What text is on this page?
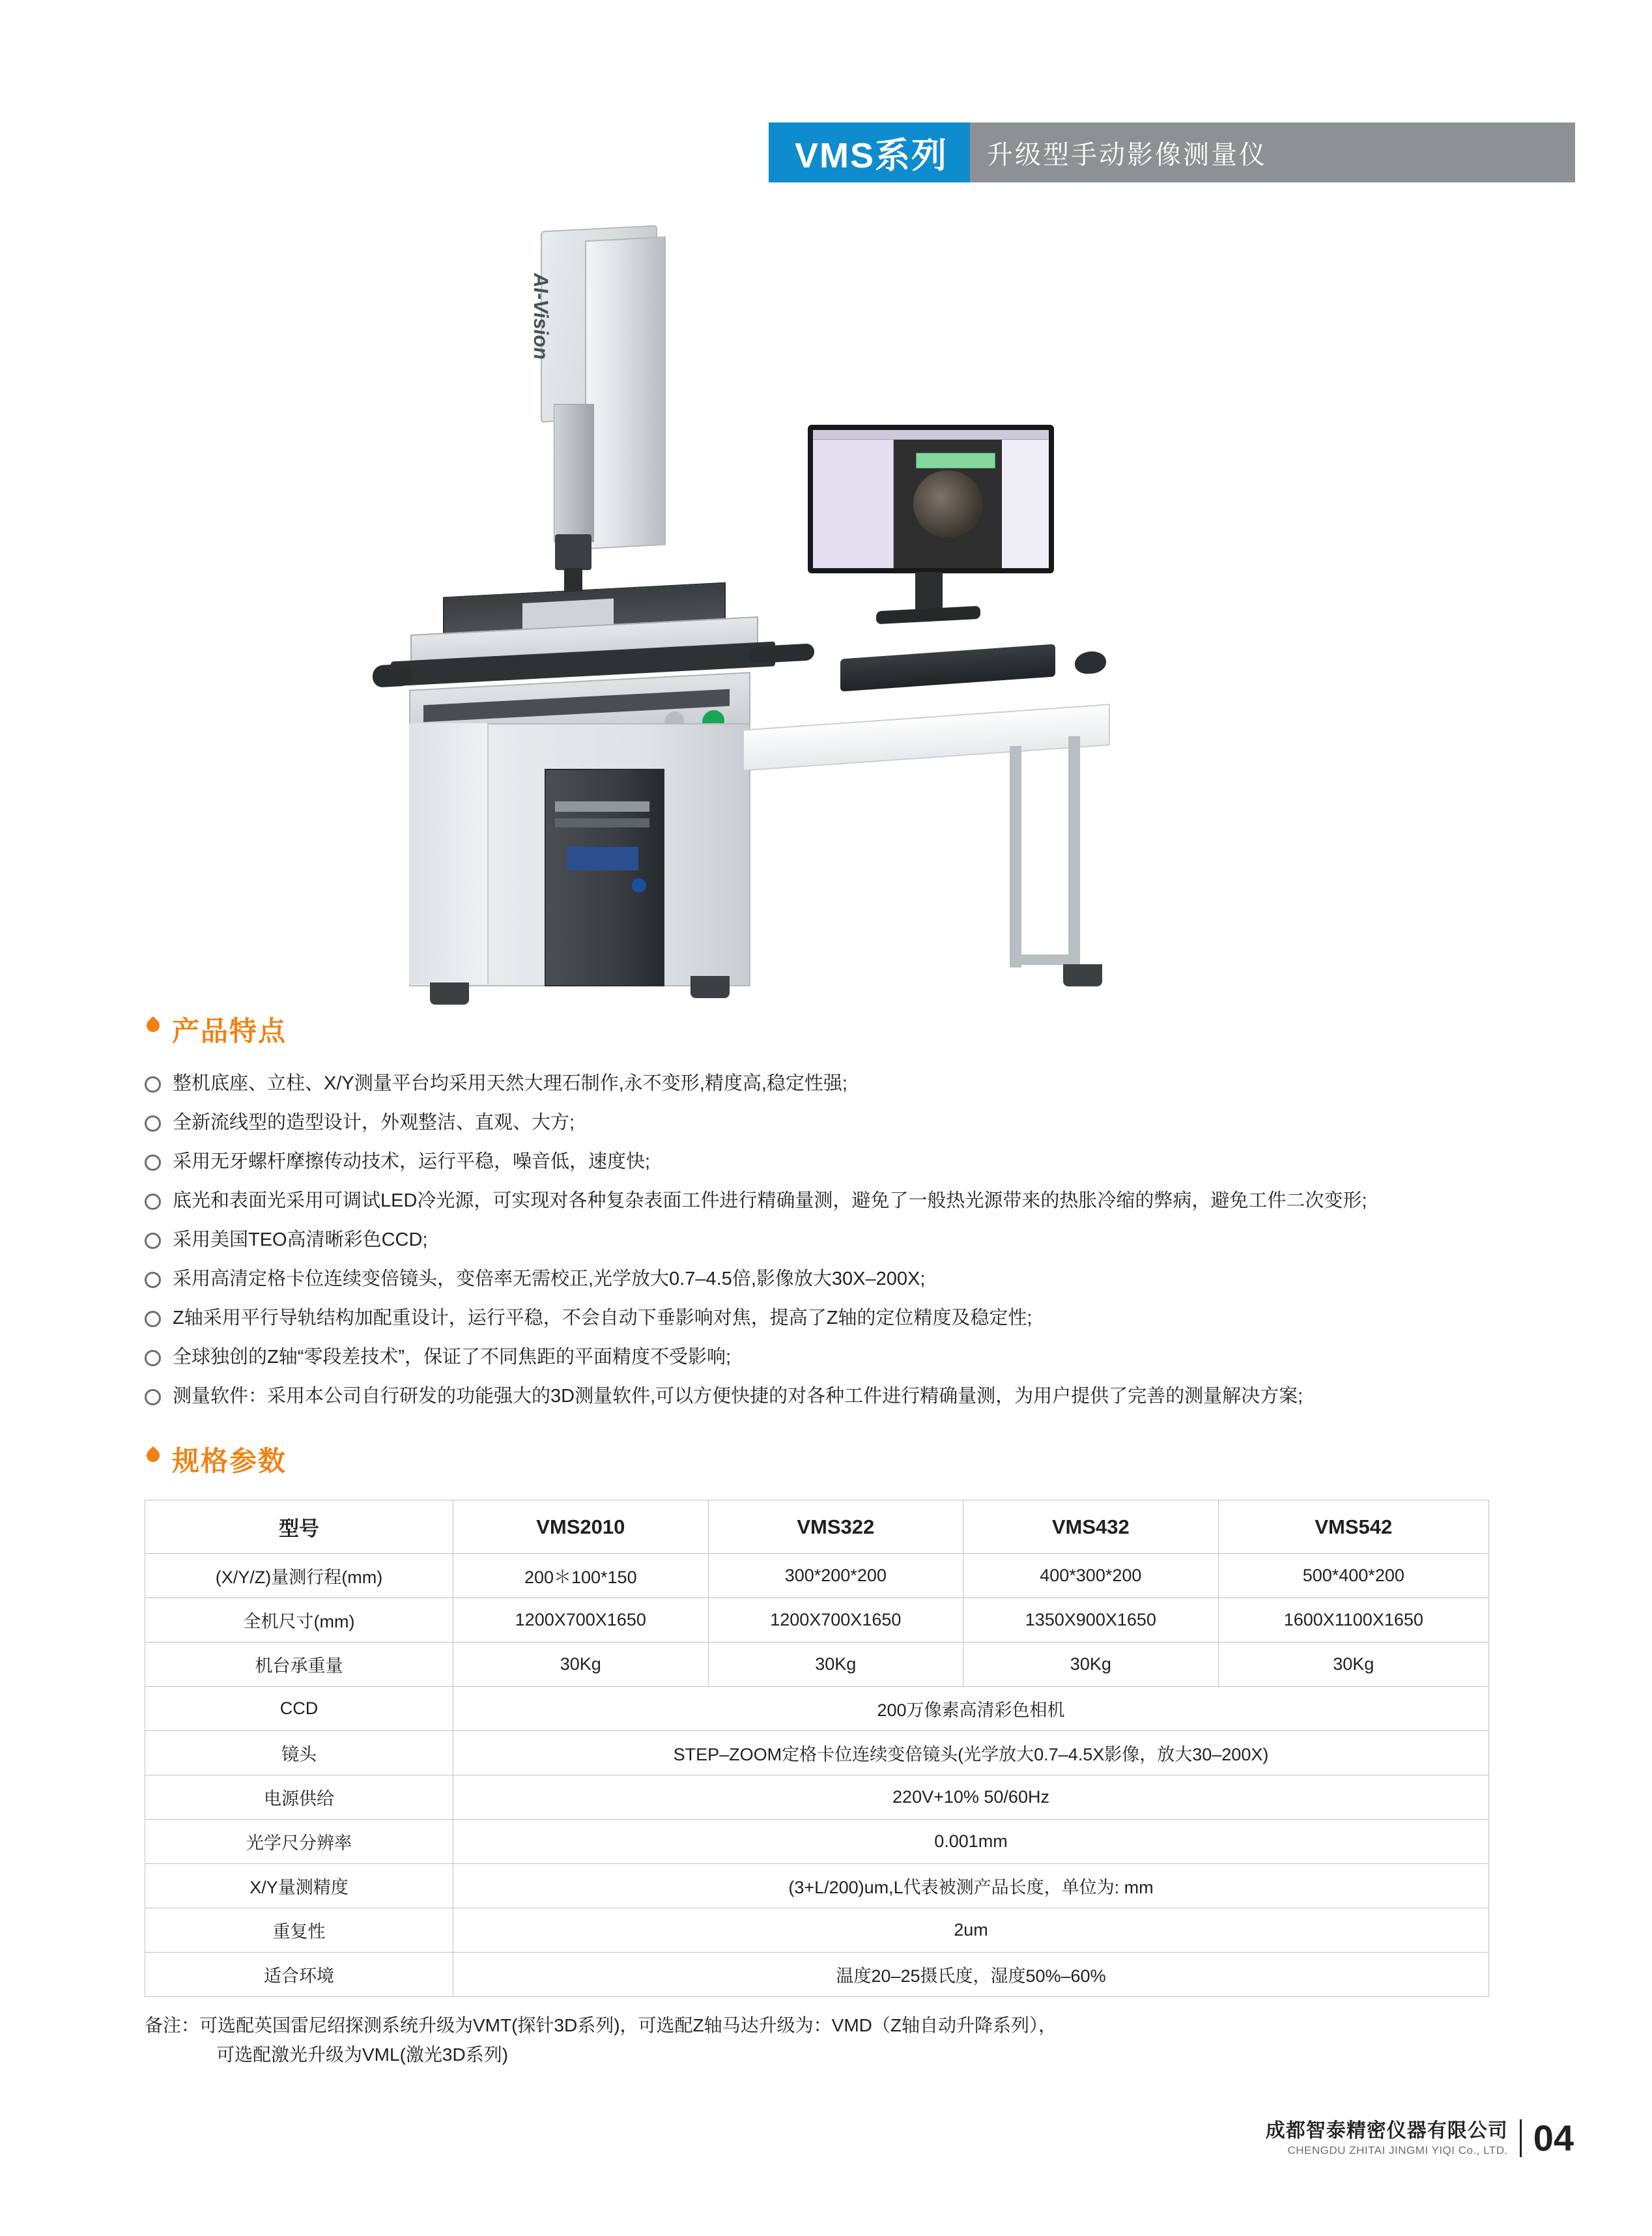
VMS系列	升级型手动影像测量仪
AI-Vision
产品特点
整机底座、立柱、X/Y测量平台均采用天然大理石制作,永不变形,精度高,稳定性强;
全新流线型的造型设计，外观整洁、直观、大方;
采用无牙螺杆摩擦传动技术，运行平稳，噪音低，速度快;
底光和表面光采用可调试LED冷光源，可实现对各种复杂表面工件进行精确量测，避免了一般热光源带来的热胀冷缩的弊病，避免工件二次变形;
采用美国TEO高清晰彩色CCD;
采用高清定格卡位连续变倍镜头，变倍率无需校正,光学放大0.7–4.5倍,影像放大30X–200X;
Z轴采用平行导轨结构加配重设计，运行平稳，不会自动下垂影响对焦，提高了Z轴的定位精度及稳定性;
全球独创的Z轴“零段差技术”，保证了不同焦距的平面精度不受影响;
测量软件：采用本公司自行研发的功能强大的3D测量软件,可以方便快捷的对各种工件进行精确量测，为用户提供了完善的测量解决方案;
规格参数
型号	VMS2010	VMS322	VMS432	VMS542
(X/Y/Z)量测行程(mm)	200＊100*150	300*200*200	400*300*200	500*400*200
全机尺寸(mm)	1200X700X1650	1200X700X1650	1350X900X1650	1600X1100X1650
机台承重量	30Kg	30Kg	30Kg	30Kg
CCD	200万像素高清彩色相机			
镜头	STEP–ZOOM定格卡位连续变倍镜头(光学放大0.7–4.5X影像，放大30–200X)			
电源供给	220V+10% 50/60Hz			
光学尺分辨率	0.001mm			
X/Y量测精度	(3+L/200)um,L代表被测产品长度，单位为: mm			
重复性	2um			
适合环境	温度20–25摄氏度，湿度50%–60%			
备注：可选配英国雷尼绍探测系统升级为VMT(探针3D系列)，可选配Z轴马达升级为：VMD（Z轴自动升降系列），
可选配激光升级为VML(激光3D系列)
成都智泰精密仪器有限公司
CHENGDU ZHITAI JINGMI YIQI Co., LTD. 04
